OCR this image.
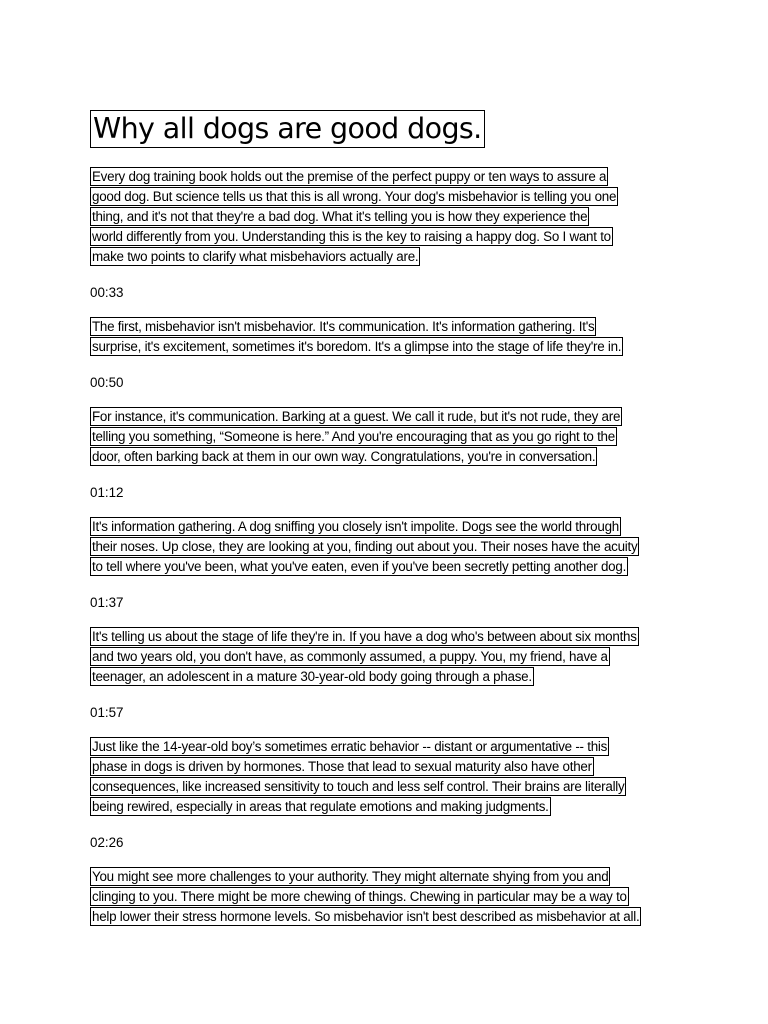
Why all dogs are good dogs.
Every dog training book holds out the premise of the perfect puppy or ten ways to assure a
good dog. But science tells us that this is all wrong. Your dog's misbehavior is telling you one
thing, and it's not that they're a bad dog. What it's telling you is how they experience the
world differently from you. Understanding this is the key to raising a happy dog. So I want to
make two points to clarify what misbehaviors actually are.
00:33
The first, misbehavior isn't misbehavior. It's communication. It's information gathering. It's
surprise, it's excitement, sometimes it's boredom. It's a glimpse into the stage of life they're in.
00:50
For instance, it's communication. Barking at a guest. We call it rude, but it's not rude, they are
telling you something, “Someone is here.” And you're encouraging that as you go right to the
door, often barking back at them in our own way. Congratulations, you're in conversation.
01:12
It's information gathering. A dog sniffing you closely isn't impolite. Dogs see the world through
their noses. Up close, they are looking at you, finding out about you. Their noses have the acuity
to tell where you've been, what you've eaten, even if you've been secretly petting another dog.
01:37
It's telling us about the stage of life they're in. If you have a dog who's between about six months
and two years old, you don't have, as commonly assumed, a puppy. You, my friend, have a
teenager, an adolescent in a mature 30-year-old body going through a phase.
01:57
Just like the 14-year-old boy’s sometimes erratic behavior -- distant or argumentative -- this
phase in dogs is driven by hormones. Those that lead to sexual maturity also have other
consequences, like increased sensitivity to touch and less self control. Their brains are literally
being rewired, especially in areas that regulate emotions and making judgments.
02:26
You might see more challenges to your authority. They might alternate shying from you and
clinging to you. There might be more chewing of things. Chewing in particular may be a way to
help lower their stress hormone levels. So misbehavior isn't best described as misbehavior at all.
